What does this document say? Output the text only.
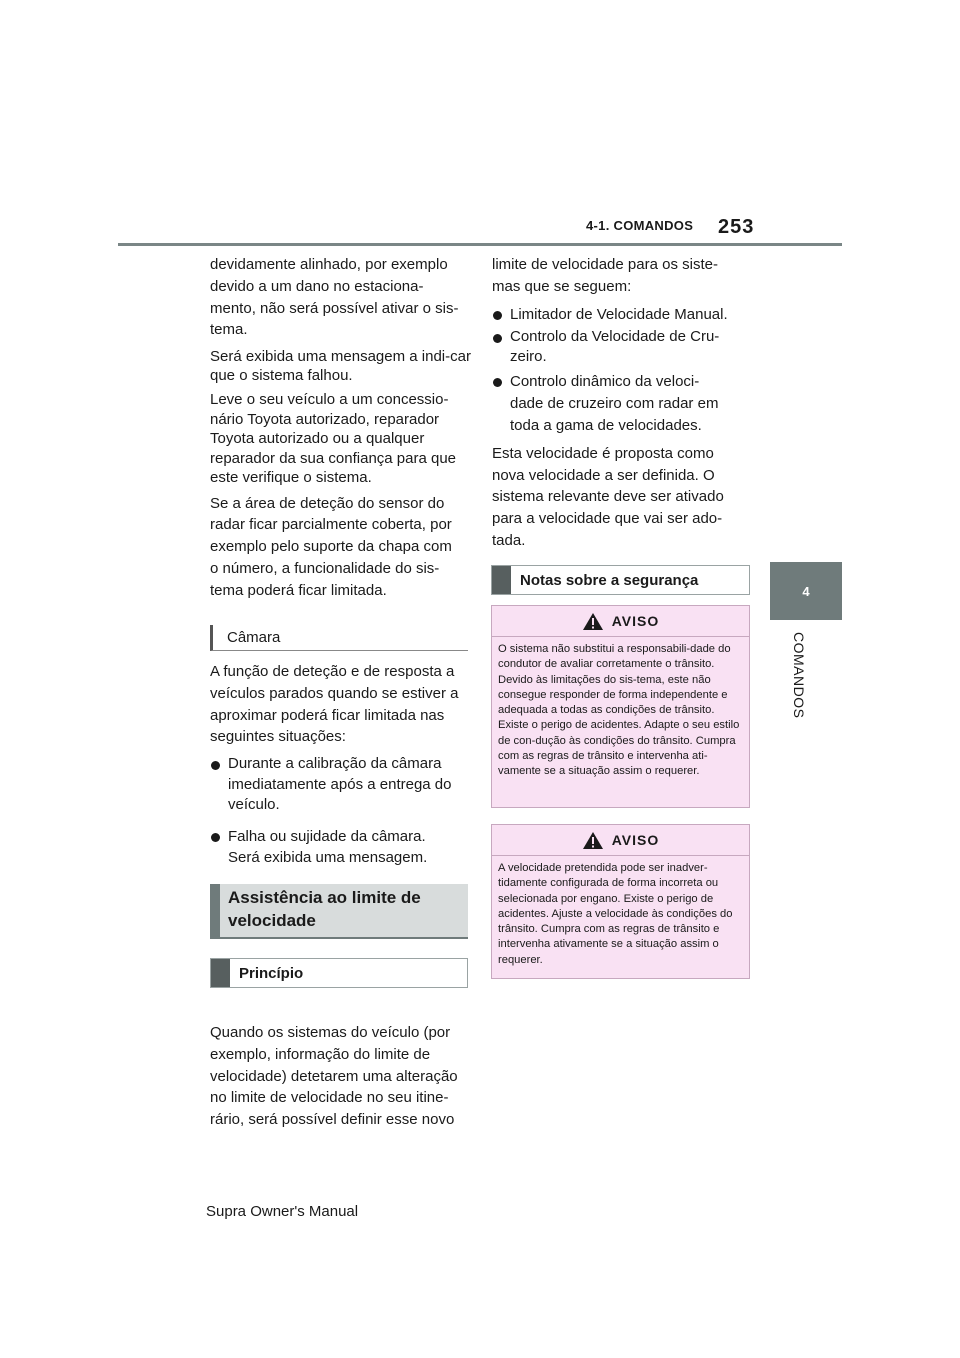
4-1. COMANDOS 253
4
COMANDOS
devidamente alinhado, por exemplo
devido a um dano no estaciona-
mento, não será possível ativar o sis-
tema.

Será exibida uma mensagem a indi-car que o sistema falhou.

Leve o seu veículo a um concessio-nário Toyota autorizado, reparador Toyota autorizado ou a qualquer reparador da sua confiança para que este verifique o sistema.

Se a área de deteção do sensor do
radar ficar parcialmente coberta, por
exemplo pelo suporte da chapa com
o número, a funcionalidade do sis-
tema poderá ficar limitada.
Câmara
A função de deteção e de resposta a
veículos parados quando se estiver a
aproximar poderá ficar limitada nas
seguintes situações:
Durante a calibração da câmara imediatamente após a entrega do veículo.
Falha ou sujidade da câmara.
Será exibida uma mensagem.
Assistência ao limite de
velocidade
Princípio
Quando os sistemas do veículo (por
exemplo, informação do limite de
velocidade) detetarem uma alteração
no limite de velocidade no seu itine-
rário, será possível definir esse novo
limite de velocidade para os siste-
mas que se seguem:
Limitador de Velocidade Manual.
Controlo da Velocidade de Cru-zeiro.
Controlo dinâmico da veloci-
dade de cruzeiro com radar em
toda a gama de velocidades.
Esta velocidade é proposta como
nova velocidade a ser definida. O
sistema relevante deve ser ativado
para a velocidade que vai ser ado-
tada.
Notas sobre a segurança
AVISO
O sistema não substitui a responsabili-dade do condutor de avaliar corretamente o trânsito. Devido às limitações do sis-tema, este não consegue responder de forma independente e adequada a todas as condições de trânsito. Existe o perigo de acidentes. Adapte o seu estilo de con-dução às condições do trânsito. Cumpra com as regras de trânsito e intervenha ati-vamente se a situação assim o requerer.
AVISO
A velocidade pretendida pode ser inadver-tidamente configurada de forma incorreta ou selecionada por engano. Existe o perigo de acidentes. Ajuste a velocidade às condições do trânsito. Cumpra com as regras de trânsito e intervenha ativamente se a situação assim o requerer.
Supra Owner's Manual
